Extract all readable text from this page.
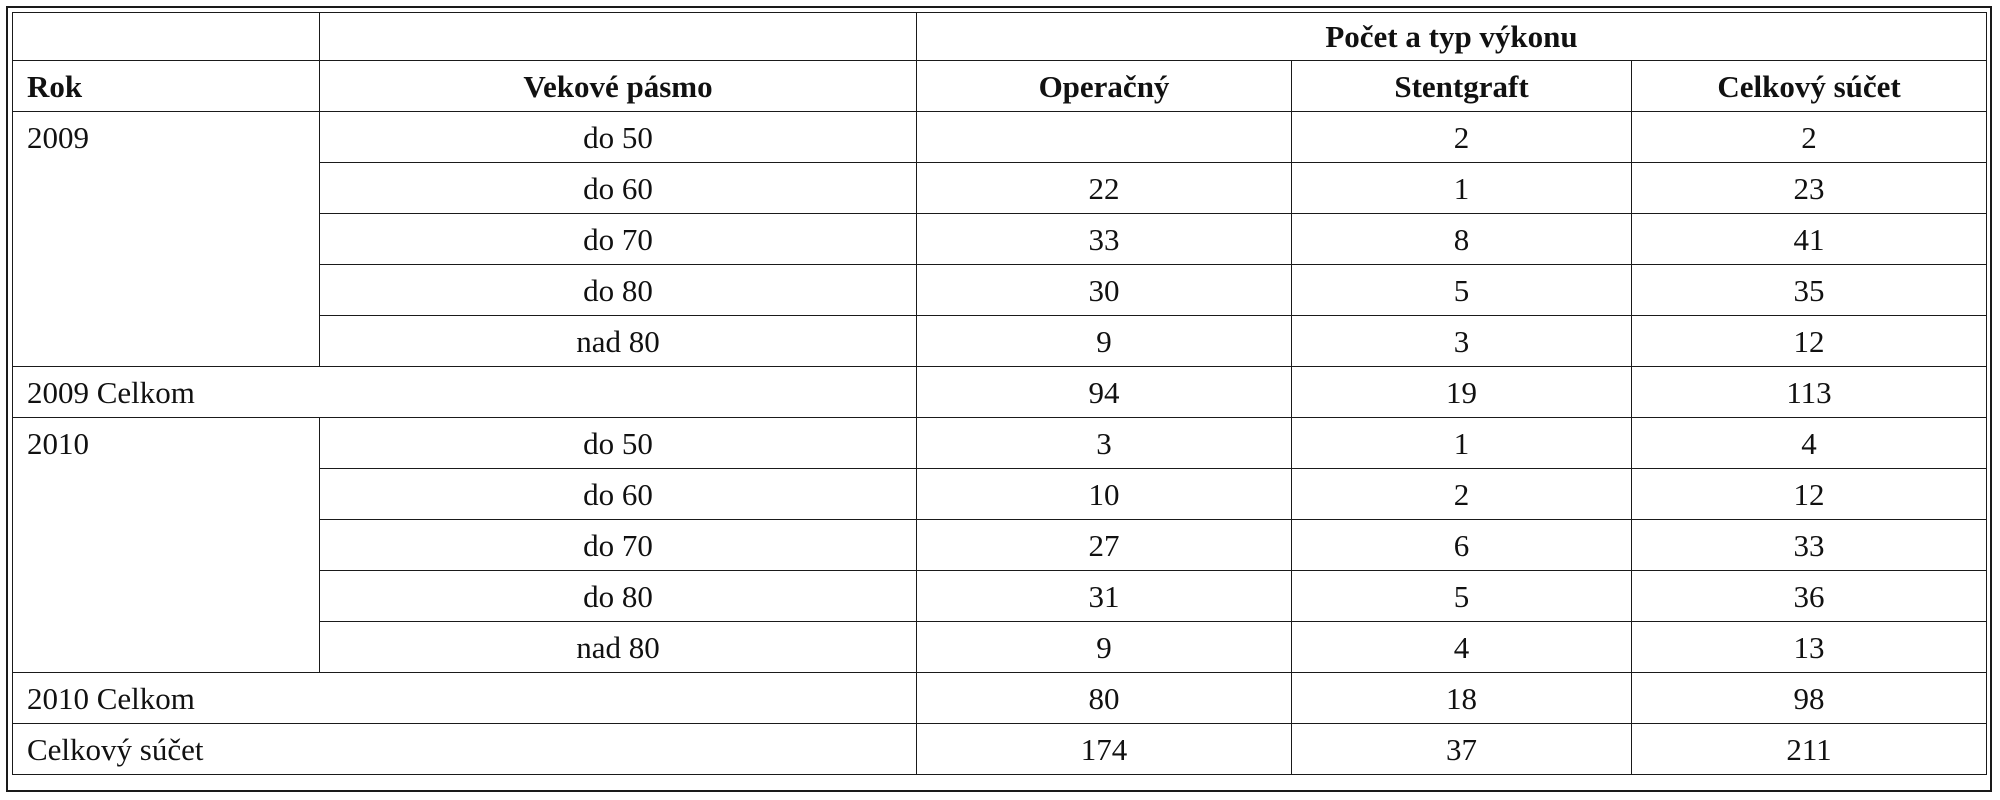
		Počet a typ výkonu		
Rok	Vekové pásmo	Operačný	Stentgraft	Celkový súčet
2009	do 50		2	2
	do 60	22	1	23
	do 70	33	8	41
	do 80	30	5	35
	nad 80	9	3	12
2009 Celkom		94	19	113
2010	do 50	3	1	4
	do 60	10	2	12
	do 70	27	6	33
	do 80	31	5	36
	nad 80	9	4	13
2010 Celkom		80	18	98
Celkový súčet		174	37	211
